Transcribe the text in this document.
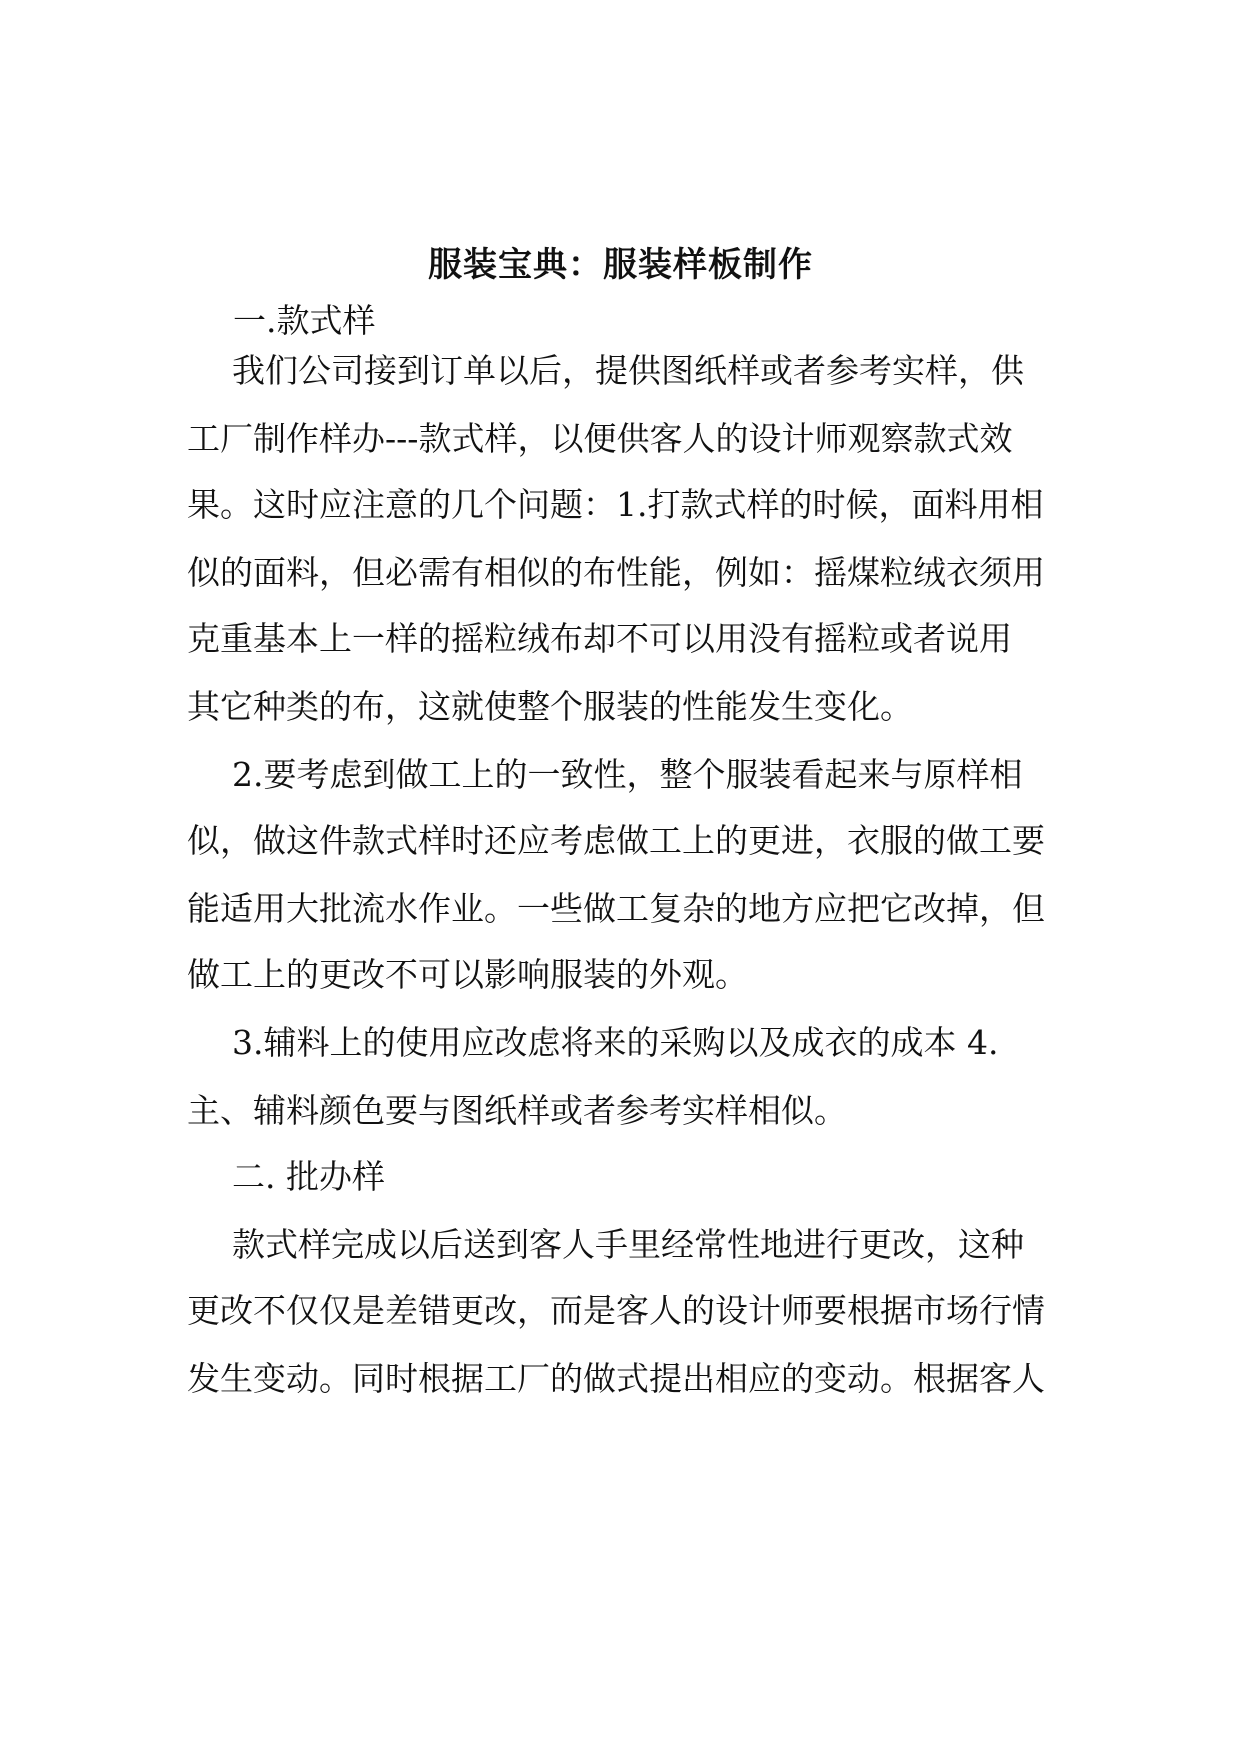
服装宝典：服装样板制作
一.款式样
我们公司接到订单以后，提供图纸样或者参考实样，供
工厂制作样办---款式样，以便供客人的设计师观察款式效
果。这时应注意的几个问题：1.打款式样的时候，面料用相
似的面料，但必需有相似的布性能，例如：摇煤粒绒衣须用
克重基本上一样的摇粒绒布却不可以用没有摇粒或者说用
其它种类的布，这就使整个服装的性能发生变化。
2.要考虑到做工上的一致性，整个服装看起来与原样相
似，做这件款式样时还应考虑做工上的更进，衣服的做工要
能适用大批流水作业。一些做工复杂的地方应把它改掉，但
做工上的更改不可以影响服装的外观。
3.辅料上的使用应改虑将来的采购以及成衣的成本 4.
主、辅料颜色要与图纸样或者参考实样相似。
二. 批办样
款式样完成以后送到客人手里经常性地进行更改，这种
更改不仅仅是差错更改，而是客人的设计师要根据市场行情
发生变动。同时根据工厂的做式提出相应的变动。根据客人
